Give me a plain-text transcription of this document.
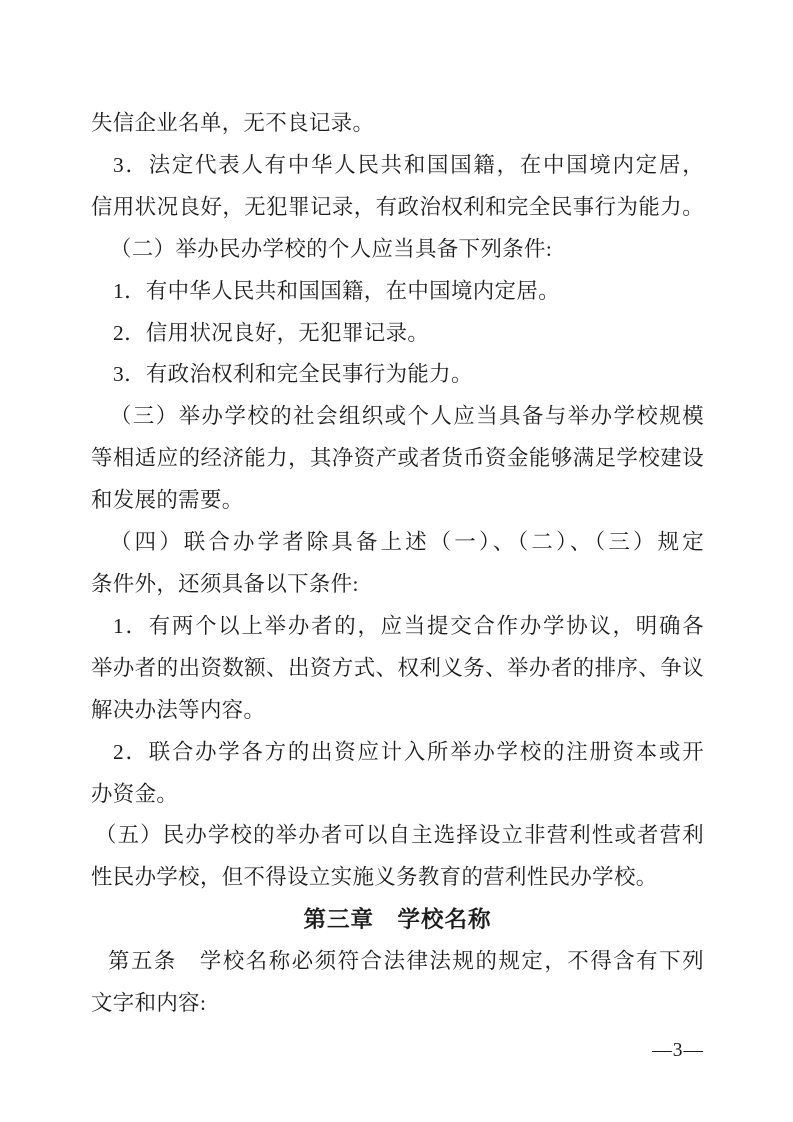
失信企业名单，无不良记录。
3．法定代表人有中华人民共和国国籍，在中国境内定居，
信用状况良好，无犯罪记录，有政治权利和完全民事行为能力。
（二）举办民办学校的个人应当具备下列条件:
1．有中华人民共和国国籍，在中国境内定居。
2．信用状况良好，无犯罪记录。
3．有政治权利和完全民事行为能力。
（三）举办学校的社会组织或个人应当具备与举办学校规模
等相适应的经济能力，其净资产或者货币资金能够满足学校建设
和发展的需要。
（四）联合办学者除具备上述（一）、（二）、（三）规定
条件外，还须具备以下条件:
1．有两个以上举办者的，应当提交合作办学协议，明确各
举办者的出资数额、出资方式、权利义务、举办者的排序、争议
解决办法等内容。
2．联合办学各方的出资应计入所举办学校的注册资本或开
办资金。
（五）民办学校的举办者可以自主选择设立非营利性或者营利
性民办学校，但不得设立实施义务教育的营利性民办学校。
第三章　学校名称
第五条　学校名称必须符合法律法规的规定，不得含有下列
文字和内容:
—3—
